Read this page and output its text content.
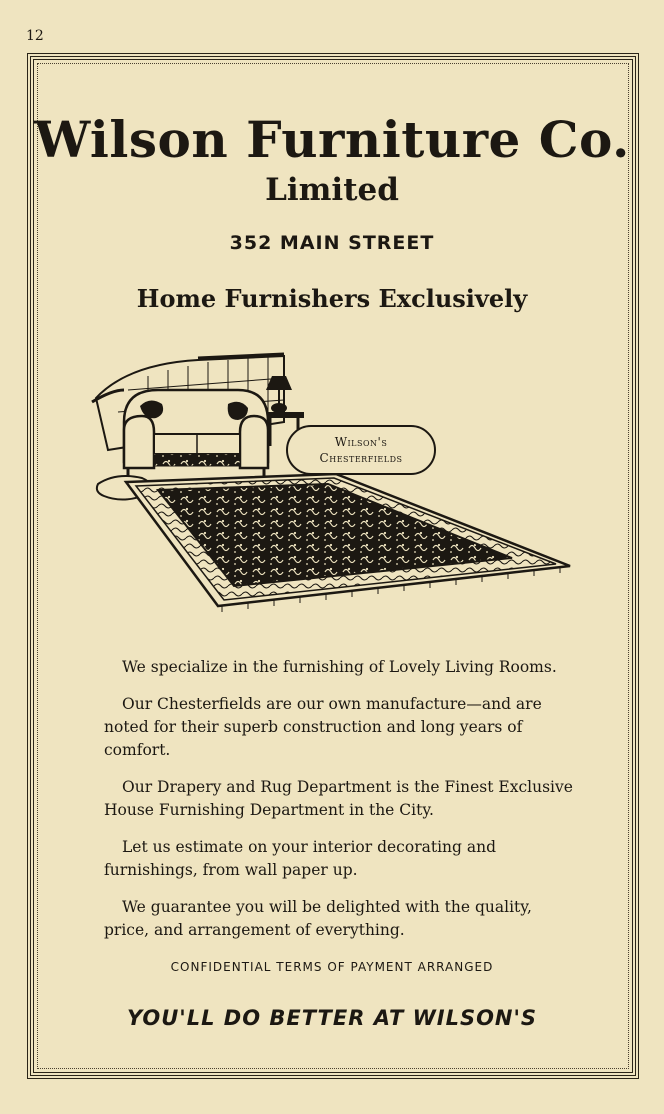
12
Wilson Furniture Co.
Limited
352 MAIN STREET
Home Furnishers Exclusively
Wilson's
Chesterfields

We specialize in the furnishing of Lovely Living Rooms.

Our Chesterfields are our own manufacture—and are noted for their superb construction and long years of comfort.

Our Drapery and Rug Department is the Finest Exclusive House Furnishing Department in the City.

Let us estimate on your interior decorating and furnishings, from wall paper up.

We guarantee you will be delighted with the quality, price, and arrangement of everything.

CONFIDENTIAL TERMS OF PAYMENT ARRANGED
YOU'LL DO BETTER AT WILSON'S
